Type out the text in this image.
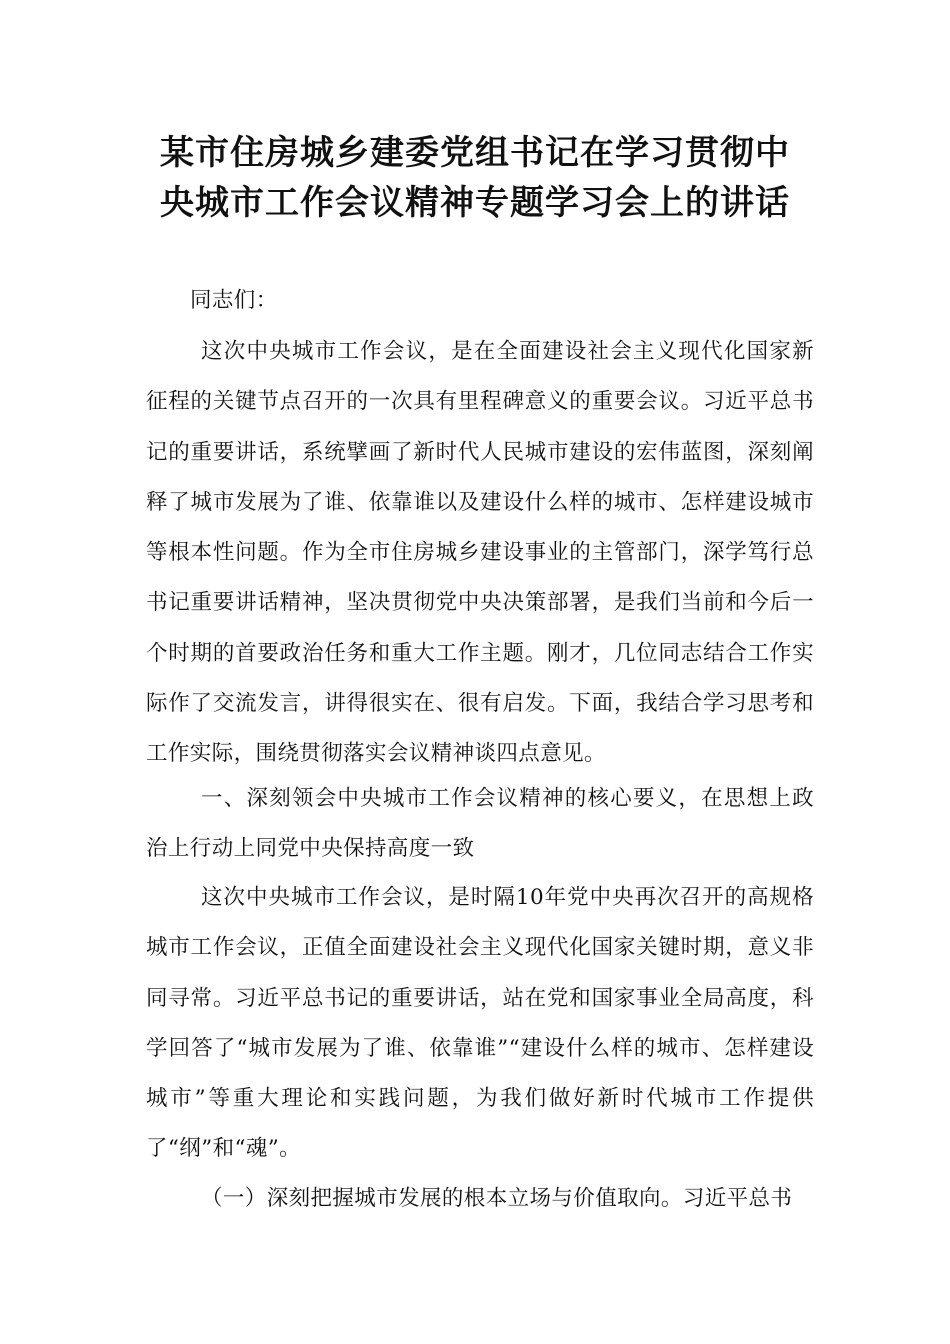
某市住房城乡建委党组书记在学习贯彻中
央城市工作会议精神专题学习会上的讲话

同志们：

这次中央城市工作会议，是在全面建设社会主义现代化国家新征程的关键节点召开的一次具有里程碑意义的重要会议。习近平总书记的重要讲话，系统擘画了新时代人民城市建设的宏伟蓝图，深刻阐释了城市发展为了谁、依靠谁以及建设什么样的城市、怎样建设城市等根本性问题。作为全市住房城乡建设事业的主管部门，深学笃行总书记重要讲话精神，坚决贯彻党中央决策部署，是我们当前和今后一个时期的首要政治任务和重大工作主题。刚才，几位同志结合工作实际作了交流发言，讲得很实在、很有启发。下面，我结合学习思考和工作实际，围绕贯彻落实会议精神谈四点意见。

一、深刻领会中央城市工作会议精神的核心要义，在思想上政治上行动上同党中央保持高度一致

这次中央城市工作会议，是时隔10年党中央再次召开的高规格城市工作会议，正值全面建设社会主义现代化国家关键时期，意义非同寻常。习近平总书记的重要讲话，站在党和国家事业全局高度，科学回答了“城市发展为了谁、依靠谁”“建设什么样的城市、怎样建设城市”等重大理论和实践问题，为我们做好新时代城市工作提供了“纲”和“魂”。

（一）深刻把握城市发展的根本立场与价值取向。习近平总书
